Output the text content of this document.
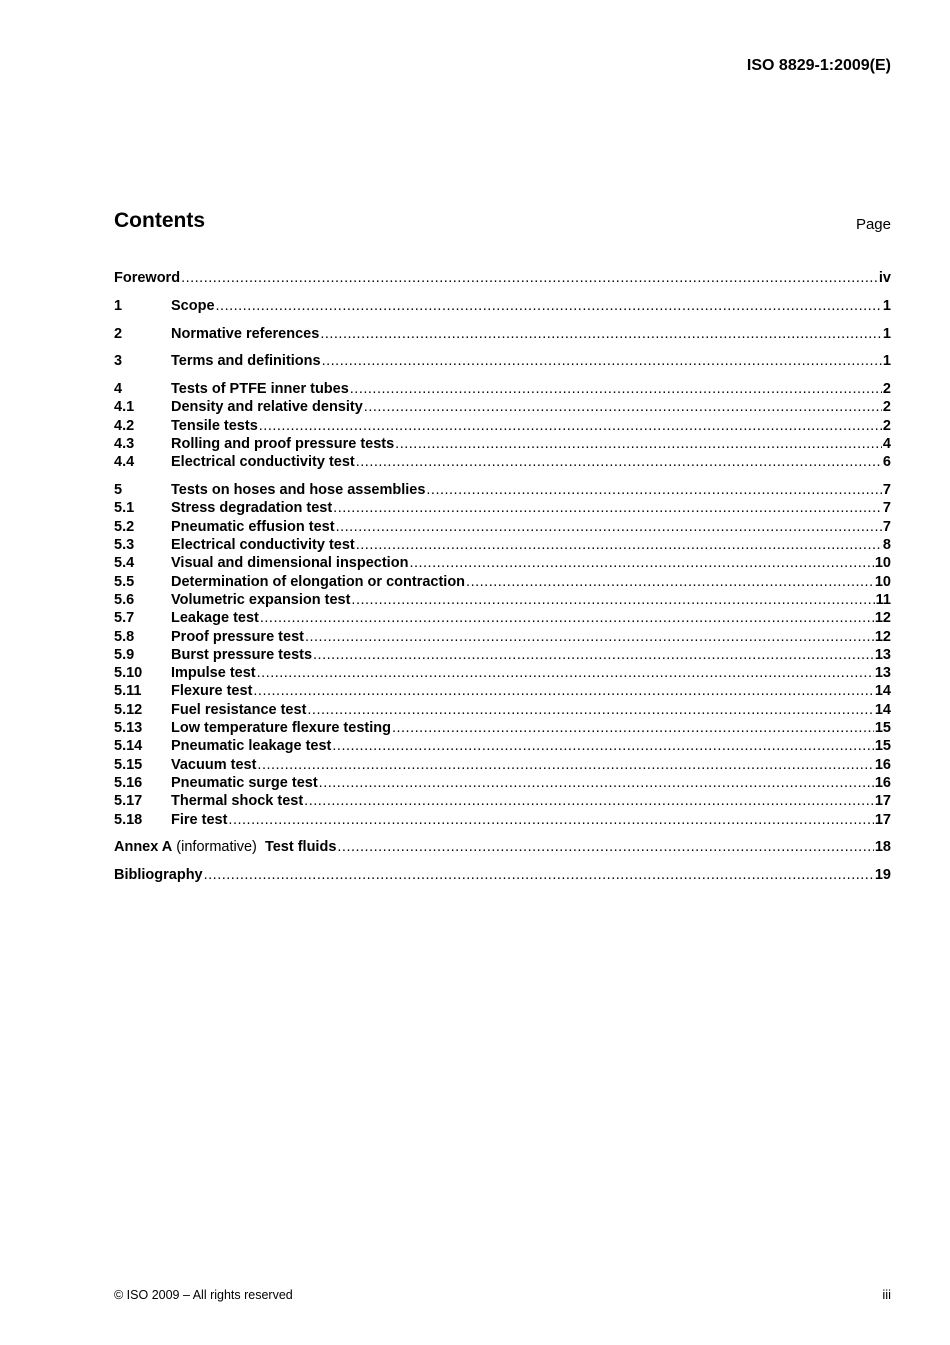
ISO 8829-1:2009(E)
Contents	Page
Foreword .....	iv
1	Scope .....	1
2	Normative references .....	1
3	Terms and definitions .....	1
4	Tests of PTFE inner tubes .....	2
4.1	Density and relative density .....	2
4.2	Tensile tests .....	2
4.3	Rolling and proof pressure tests .....	4
4.4	Electrical conductivity test .....	6
5	Tests on hoses and hose assemblies .....	7
5.1	Stress degradation test .....	7
5.2	Pneumatic effusion test .....	7
5.3	Electrical conductivity test .....	8
5.4	Visual and dimensional inspection .....	10
5.5	Determination of elongation or contraction .....	10
5.6	Volumetric expansion test .....	11
5.7	Leakage test .....	12
5.8	Proof pressure test .....	12
5.9	Burst pressure tests .....	13
5.10	Impulse test .....	13
5.11	Flexure test .....	14
5.12	Fuel resistance test .....	14
5.13	Low temperature flexure testing .....	15
5.14	Pneumatic leakage test .....	15
5.15	Vacuum test .....	16
5.16	Pneumatic surge test .....	16
5.17	Thermal shock test .....	17
5.18	Fire test .....	17
Annex A (informative)  Test fluids .....	18
Bibliography .....	19
© ISO 2009 – All rights reserved	iii
